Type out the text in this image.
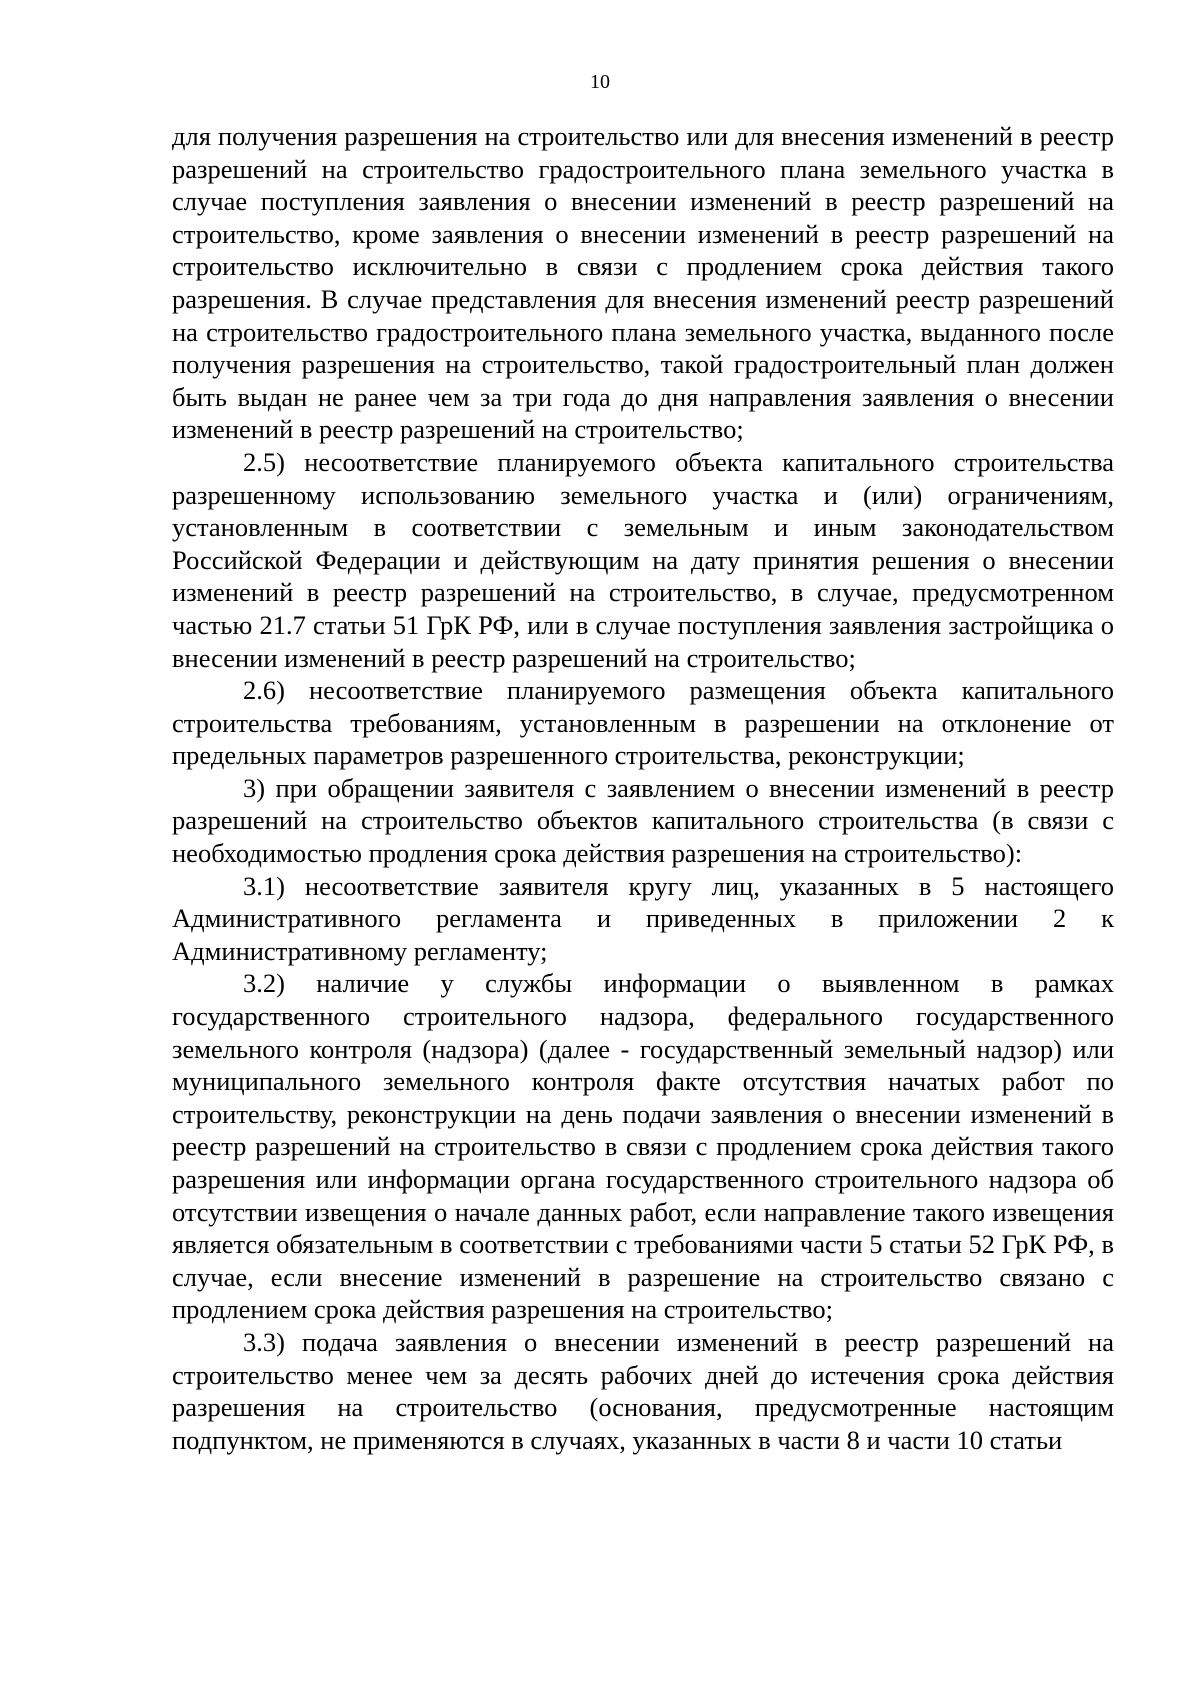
10

для получения разрешения на строительство или для внесения изменений в реестр разрешений на строительство градостроительного плана земельного участка в случае поступления заявления о внесении изменений в реестр разрешений на строительство, кроме заявления о внесении изменений в реестр разрешений на строительство исключительно в связи с продлением срока действия такого разрешения. В случае представления для внесения изменений реестр разрешений на строительство градостроительного плана земельного участка, выданного после получения разрешения на строительство, такой градостроительный план должен быть выдан не ранее чем за три года до дня направления заявления о внесении изменений в реестр разрешений на строительство;

2.5) несоответствие планируемого объекта капитального строительства разрешенному использованию земельного участка и (или) ограничениям, установленным в соответствии с земельным и иным законодательством Российской Федерации и действующим на дату принятия решения о внесении изменений в реестр разрешений на строительство, в случае, предусмотренном частью 21.7 статьи 51 ГрК РФ, или в случае поступления заявления застройщика о внесении изменений в реестр разрешений на строительство;

2.6) несоответствие планируемого размещения объекта капитального строительства требованиям, установленным в разрешении на отклонение от предельных параметров разрешенного строительства, реконструкции;

3) при обращении заявителя с заявлением о внесении изменений в реестр разрешений на строительство объектов капитального строительства (в связи с необходимостью продления срока действия разрешения на строительство):

3.1) несоответствие заявителя кругу лиц, указанных в 5 настоящего Административного регламента и приведенных в приложении 2 к Административному регламенту;

3.2) наличие у службы информации о выявленном в рамках государственного строительного надзора, федерального государственного земельного контроля (надзора) (далее - государственный земельный надзор) или муниципального земельного контроля факте отсутствия начатых работ по строительству, реконструкции на день подачи заявления о внесении изменений в реестр разрешений на строительство в связи с продлением срока действия такого разрешения или информации органа государственного строительного надзора об отсутствии извещения о начале данных работ, если направление такого извещения является обязательным в соответствии с требованиями части 5 статьи 52 ГрК РФ, в случае, если внесение изменений в разрешение на строительство связано с продлением срока действия разрешения на строительство;

3.3) подача заявления о внесении изменений в реестр разрешений на строительство менее чем за десять рабочих дней до истечения срока действия разрешения на строительство (основания, предусмотренные настоящим подпунктом, не применяются в случаях, указанных в части 8 и части 10 статьи
